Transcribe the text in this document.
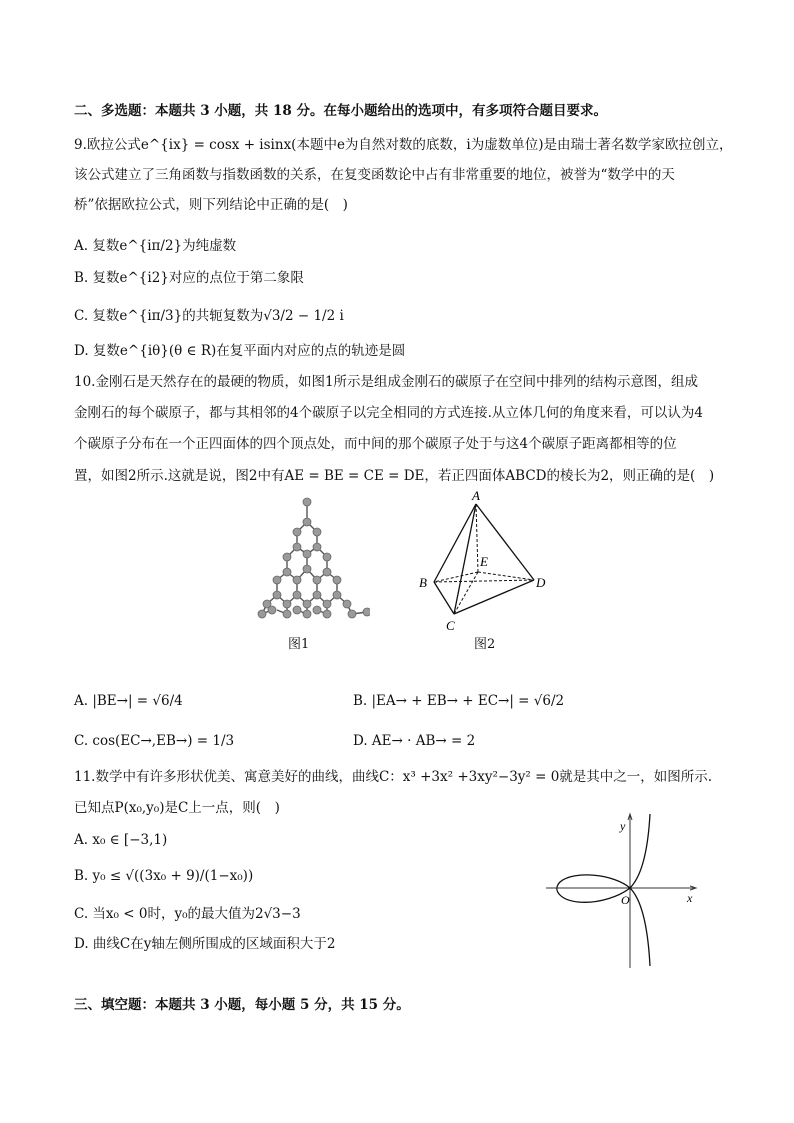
二、多选题：本题共 3 小题，共 18 分。在每小题给出的选项中，有多项符合题目要求。
9.欧拉公式e^{ix} = cosx + isinx(本题中e为自然对数的底数，i为虚数单位)是由瑞士著名数学家欧拉创立，
该公式建立了三角函数与指数函数的关系，在复变函数论中占有非常重要的地位，被誉为“数学中的天
桥”依据欧拉公式，则下列结论中正确的是(　)
A. 复数e^{iπ/2}为纯虚数
B. 复数e^{i2}对应的点位于第二象限
C. 复数e^{iπ/3}的共轭复数为√3/2 − 1/2 i
D. 复数e^{iθ}(θ ∈ R)在复平面内对应的点的轨迹是圆
10.金刚石是天然存在的最硬的物质，如图1所示是组成金刚石的碳原子在空间中排列的结构示意图，组成
金刚石的每个碳原子，都与其相邻的4个碳原子以完全相同的方式连接.从立体几何的角度来看，可以认为4
个碳原子分布在一个正四面体的四个顶点处，而中间的那个碳原子处于与这4个碳原子距离都相等的位
置，如图2所示.这就是说，图2中有AE = BE = CE = DE，若正四面体ABCD的棱长为2，则正确的是(　)
图1
A
E
B	D
C
图2
A. |BE→| = √6/4	B. |EA→ + EB→ + EC→| = √6/2
C. cos(EC→,EB→) = 1/3	D. AE→ · AB→ = 2
11.数学中有许多形状优美、寓意美好的曲线，曲线C：x³ +3x² +3xy²−3y² = 0就是其中之一，如图所示.
已知点P(x₀,y₀)是C上一点，则(　)
A. x₀ ∈ [−3,1)
B. y₀ ≤ √((3x₀ + 9)/(1−x₀))
C. 当x₀ < 0时，y₀的最大值为2√3−3
D. 曲线C在y轴左侧所围成的区域面积大于2
y
x
O
三、填空题：本题共 3 小题，每小题 5 分，共 15 分。
